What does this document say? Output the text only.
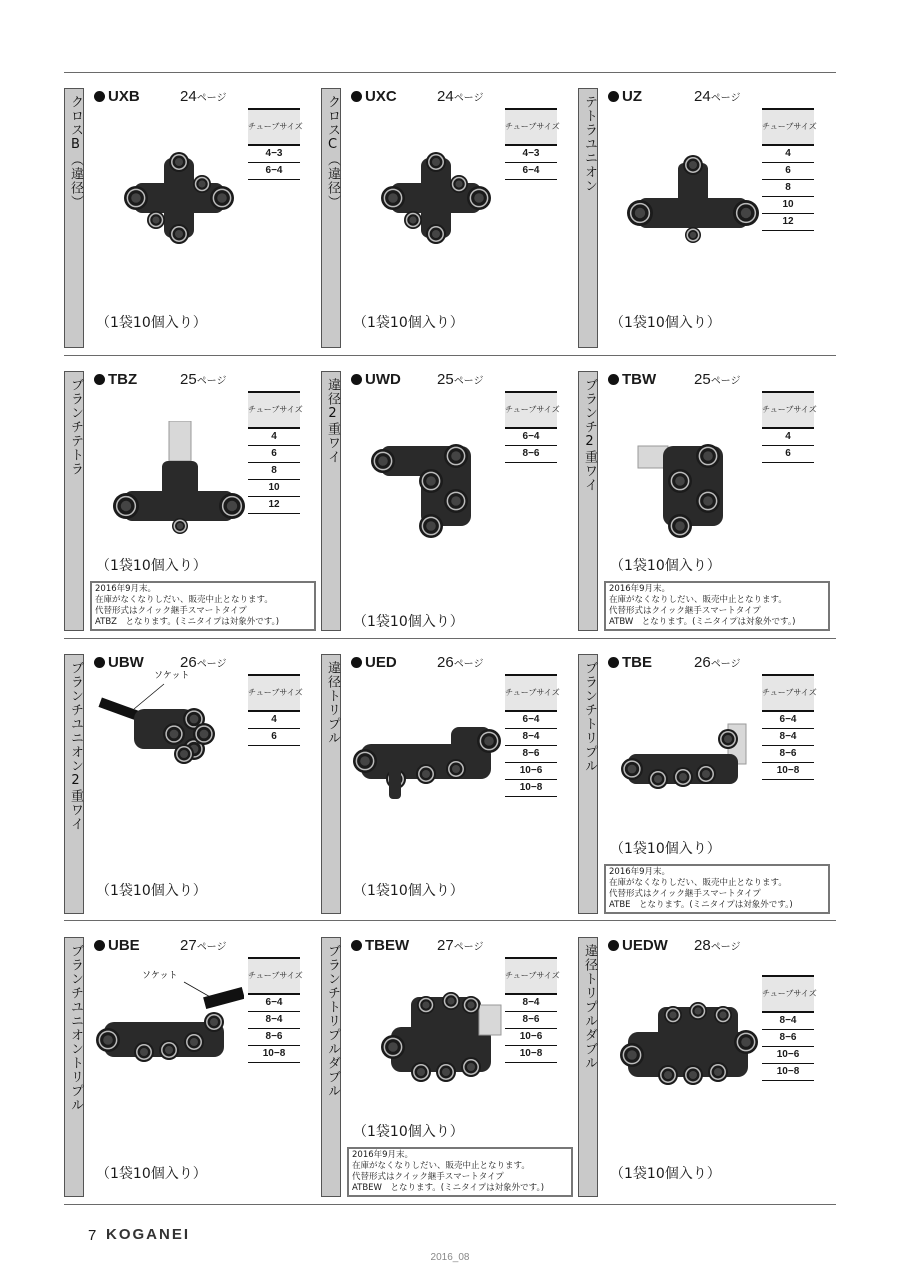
クロスB（違径）	UXB	24ページ
チューブサイズ
4−3
6−4
（1袋10個入り）
クロスC（違径）	UXC	24ページ
チューブサイズ
4−3
6−4
（1袋10個入り）
テトラユニオン	UZ	24ページ
チューブサイズ
4
6
8
10
12
（1袋10個入り）
ブランチテトラ	TBZ	25ページ
チューブサイズ
4
6
8
10
12
（1袋10個入り）
2016年9月末。
在庫がなくなりしだい、販売中止となります。
代替形式はクイック継手スマートタイプ
ATBZ　となります。(ミニタイプは対象外です。)
違径2重ワイ	UWD 25ページ
チューブサイズ
6−4
8−6
（1袋10個入り）
ブランチ2重ワイ	TBW	25ページ
チューブサイズ
4
6
（1袋10個入り）
2016年9月末。
在庫がなくなりしだい、販売中止となります。
代替形式はクイック継手スマートタイプ
ATBW　となります。(ミニタイプは対象外です。)
ブランチユニオン2重ワイ	UBW 26ページ
チューブサイズ
4
6
ソケット
（1袋10個入り）
違径トリプル	UED	26ページ
チューブサイズ
6−4
8−4
8−6
10−6
10−8
（1袋10個入り）
ブランチトリプル	TBE	26ページ
チューブサイズ
6−4
8−4
8−6
10−8
（1袋10個入り）
2016年9月末。
在庫がなくなりしだい、販売中止となります。
代替形式はクイック継手スマートタイプ
ATBE　となります。(ミニタイプは対象外です。)
ブランチユニオントリプル	UBE	27ページ
チューブサイズ
6−4
8−4
8−6
10−8
ソケット
（1袋10個入り）
ブランチトリプルダブル	TBEW 27ページ
チューブサイズ
8−4
8−6
10−6
10−8
（1袋10個入り）
2016年9月末。
在庫がなくなりしだい、販売中止となります。
代替形式はクイック継手スマートタイプ
ATBEW　となります。(ミニタイプは対象外です。)
違径トリプルダブル	UEDW 28ページ
チューブサイズ
8−4
8−6
10−6
10−8
（1袋10個入り）
7 KOGANEI
2016_08
